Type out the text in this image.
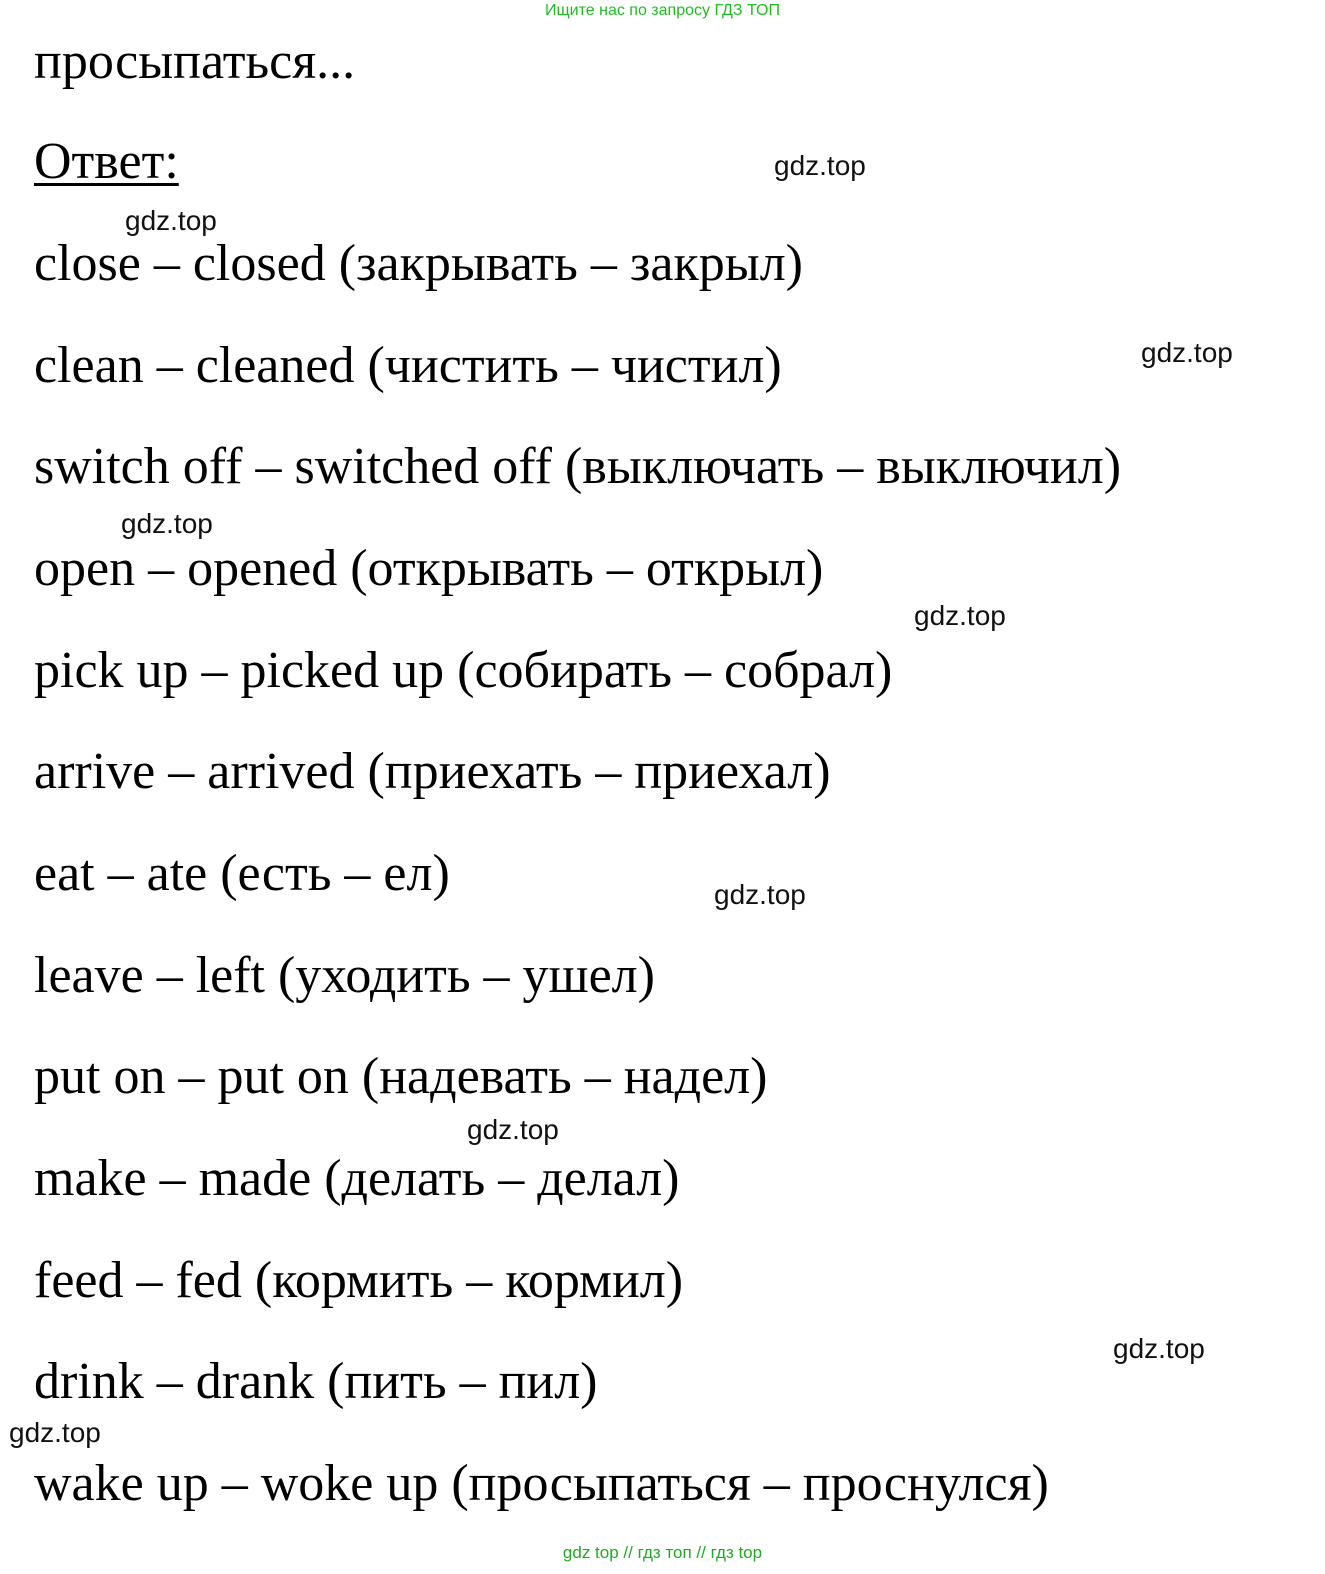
Ищите нас по запросу ГДЗ ТОП
просыпаться...
Ответ:
close – closed (закрывать – закрыл)
clean – cleaned (чистить – чистил)
switch off – switched off (выключать – выключил)
open – opened (открывать – открыл)
pick up – picked up (собирать – собрал)
arrive – arrived (приехать – приехал)
eat – ate (есть – ел)
leave – left (уходить – ушел)
put on – put on (надевать – надел)
make – made (делать – делал)
feed – fed (кормить – кормил)
drink – drank (пить – пил)
wake up – woke up (просыпаться – проснулся)
gdz.top
gdz.top
gdz.top
gdz.top
gdz.top
gdz.top
gdz.top
gdz.top
gdz.top
gdz top // гдз топ // гдз top
